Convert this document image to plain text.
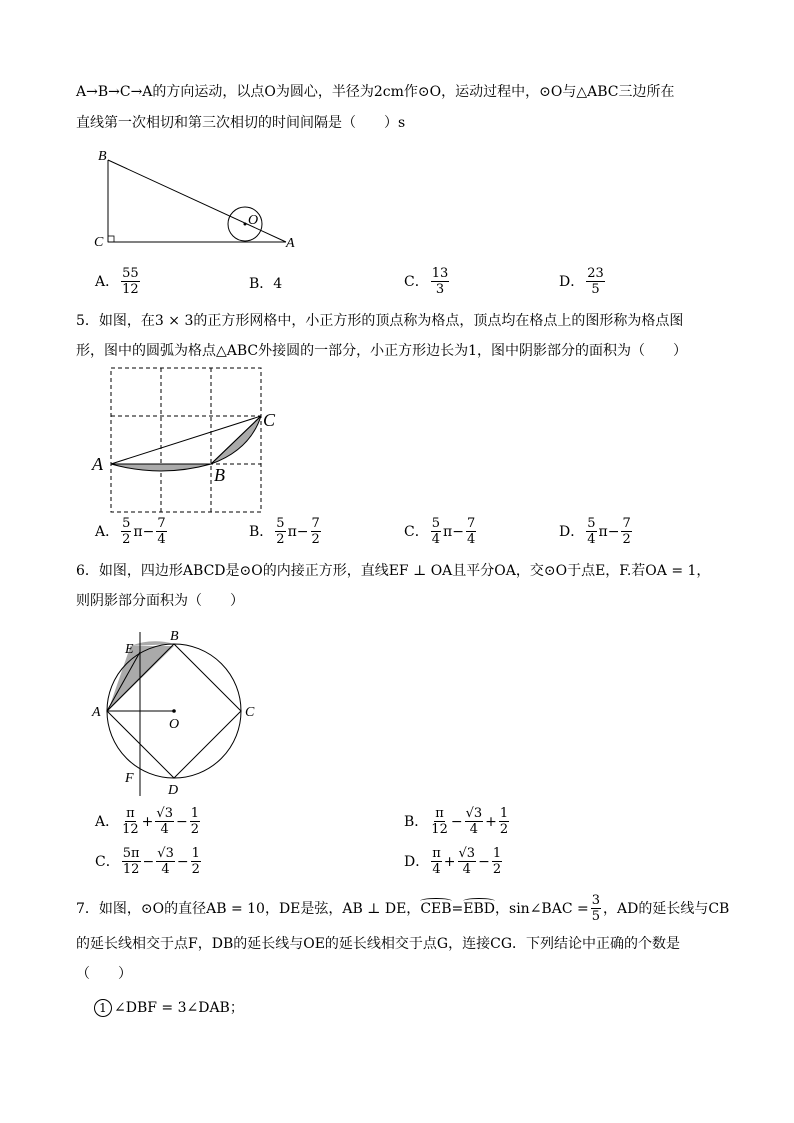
A→B→C→A的方向运动，以点O为圆心，半径为2cm作⊙O，运动过程中，⊙O与△ABC三边所在
直线第一次相切和第三次相切的时间间隔是（　　）s
B
C	A
O
A． $\frac{55}{12}$	B． 4	C． $\frac{13}{3}$	D． $\frac{23}{5}$
5．如图，在3 × 3的正方形网格中，小正方形的顶点称为格点，顶点均在格点上的图形称为格点图
形，图中的圆弧为格点△ABC外接圆的一部分，小正方形边长为1，图中阴影部分的面积为（　　）
A
B
C
A． $\frac{5}{2} \pi- \frac{7}{4}$	B． $\frac{5}{2} \pi- \frac{7}{2}$	C． $\frac{5}{4} \pi- \frac{7}{4}$	D． $\frac{5}{4} \pi- \frac{7}{2}$
6．如图，四边形ABCD是⊙O的内接正方形，直线EF ⊥ OA且平分OA，交⊙O于点E，F.若OA = 1，
则阴影部分面积为（　　）
E
B
A
O
C
F
D
A． $\frac{\pi}{12} + \frac{√3}{4} - \frac{1}{2}$	B． $\frac{\pi}{12} - \frac{√3}{4} + \frac{1}{2}$
C． $\frac{5\pi}{12} - \frac{√3}{4} - \frac{1}{2}$	D． $\frac{\pi}{4} + \frac{√3}{4} - \frac{1}{2}$
7．如图，⊙O的直径AB = 10，DE是弦，AB ⊥ DE， CEB = EBD ，sin∠BAC = $\frac{3}{5}$ ，AD的延长线与CB
的延长线相交于点F，DB的延长线与OE的延长线相交于点G，连接CG．下列结论中正确的个数是
（　　）
1 ∠DBF = 3∠DAB；
